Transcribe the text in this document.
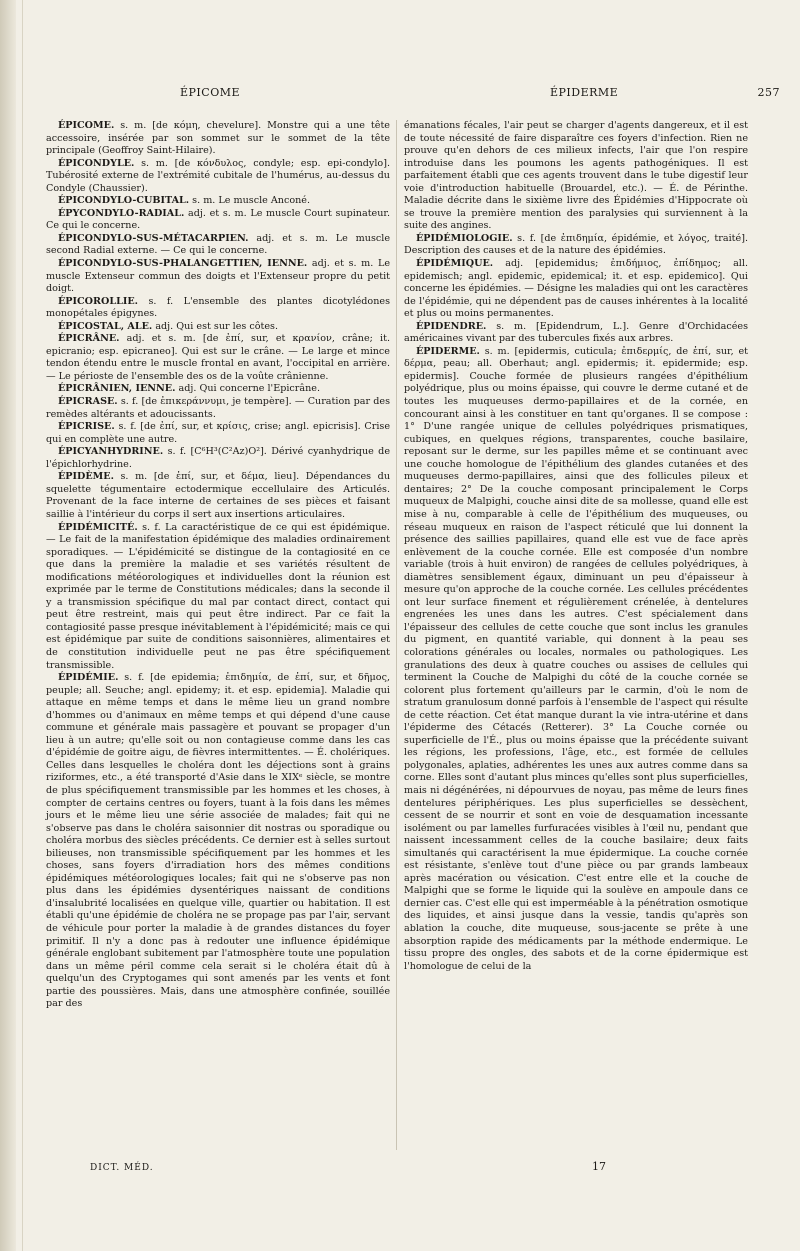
ÉPICOME	ÉPIDERME	257

ÉPICOME. s. m. [de κόμη, chevelure]. Monstre qui a une tête accessoire, insérée par son sommet sur le sommet de la tête principale (Geoffroy Saint-Hilaire).

ÉPICONDYLE. s. m. [de κόνδυλος, condyle; esp. epi-condylo]. Tubérosité externe de l'extrémité cubitale de l'humérus, au-dessus du Condyle (Chaussier).

ÉPICONDYLO-CUBITAL. s. m. Le muscle Anconé.

ÉPYCONDYLO-RADIAL. adj. et s. m. Le muscle Court supinateur. Ce qui le concerne.

ÉPICONDYLO-SUS-MÉTACARPIEN. adj. et s. m. Le muscle second Radial externe. — Ce qui le concerne.

ÉPICONDYLO-SUS-PHALANGETTIEN, IENNE. adj. et s. m. Le muscle Extenseur commun des doigts et l'Extenseur propre du petit doigt.

ÉPICOROLLIE. s. f. L'ensemble des plantes dicotylédones monopétales épigynes.

ÉPICOSTAL, ALE. adj. Qui est sur les côtes.

ÉPICRÂNE. adj. et s. m. [de ἐπί, sur, et κρανίον, crâne; it. epicranio; esp. epicraneo]. Qui est sur le crâne. — Le large et mince tendon étendu entre le muscle frontal en avant, l'occipital en arrière. — Le périoste de l'ensemble des os de la voûte crânienne.

ÉPICRÂNIEN, IENNE. adj. Qui concerne l'Epicrâne.

ÉPICRASE. s. f. [de ἐπικεράννυμι, je tempère]. — Curation par des remèdes altérants et adoucissants.

ÉPICRISE. s. f. [de ἐπί, sur, et κρίσις, crise; angl. epicrisis]. Crise qui en complète une autre.

ÉPICYANHYDRINE. s. f. [C⁶H³(C²Az)O²]. Dérivé cyanhydrique de l'épichlorhydrine.

ÉPIDÈME. s. m. [de ἐπί, sur, et δέμα, lieu]. Dépendances du squelette tégumentaire ectodermique eccellulaire des Articulés. Provenant de la face interne de certaines de ses pièces et faisant saillie à l'intérieur du corps il sert aux insertions articulaires.

ÉPIDÉMICITÉ. s. f. La caractéristique de ce qui est épidémique. — Le fait de la manifestation épidémique des maladies ordinairement sporadiques. — L'épidémicité se distingue de la contagiosité en ce que dans la première la maladie et ses variétés résultent de modifications météorologiques et individuelles dont la réunion est exprimée par le terme de Constitutions médicales; dans la seconde il y a transmission spécifique du mal par contact direct, contact qui peut être restreint, mais qui peut être indirect. Par ce fait la contagiosité passe presque inévitablement à l'épidémicité; mais ce qui est épidémique par suite de conditions saisonnières, alimentaires et de constitution individuelle peut ne pas être spécifiquement transmissible.

ÉPIDÉMIE. s. f. [de epidemia; ἐπιδημία, de ἐπί, sur, et δῆμος, peuple; all. Seuche; angl. epidemy; it. et esp. epidemia]. Maladie qui attaque en même temps et dans le même lieu un grand nombre d'hommes ou d'animaux en même temps et qui dépend d'une cause commune et générale mais passagère et pouvant se propager d'un lieu à un autre; qu'elle soit ou non contagieuse comme dans les cas d'épidémie de goitre aigu, de fièvres intermittentes. — É. cholériques. Celles dans lesquelles le choléra dont les déjections sont à grains riziformes, etc., a été transporté d'Asie dans le XIXᵉ siècle, se montre de plus spécifiquement transmissible par les hommes et les choses, à compter de certains centres ou foyers, tuant à la fois dans les mêmes jours et le même lieu une série associée de malades; fait qui ne s'observe pas dans le choléra saisonnier dit nostras ou sporadique ou choléra morbus des siècles précédents. Ce dernier est à selles surtout bilieuses, non transmissible spécifiquement par les hommes et les choses, sans foyers d'irradiation hors des mêmes conditions épidémiques météorologiques locales; fait qui ne s'observe pas non plus dans les épidémies dysentériques naissant de conditions d'insalubrité localisées en quelque ville, quartier ou habitation. Il est établi qu'une épidémie de choléra ne se propage pas par l'air, servant de véhicule pour porter la maladie à de grandes distances du foyer primitif. Il n'y a donc pas à redouter une influence épidémique générale englobant subitement par l'atmosphère toute une population dans un même péril comme cela serait si le choléra était dû à quelqu'un des Cryptogames qui sont amenés par les vents et font partie des poussières. Mais, dans une atmosphère confinée, souillée par des

émanations fécales, l'air peut se charger d'agents dangereux, et il est de toute nécessité de faire disparaître ces foyers d'infection. Rien ne prouve qu'en dehors de ces milieux infects, l'air que l'on respire introduise dans les poumons les agents pathogéniques. Il est parfaitement établi que ces agents trouvent dans le tube digestif leur voie d'introduction habituelle (Brouardel, etc.). — É. de Périnthe. Maladie décrite dans le sixième livre des Épidémies d'Hippocrate où se trouve la première mention des paralysies qui surviennent à la suite des angines.

ÉPIDÉMIOLOGIE. s. f. [de ἐπιδημία, épidémie, et λόγος, traité]. Description des causes et de la nature des épidémies.

ÉPIDÉMIQUE. adj. [epidemidus; ἐπιδήμιος, ἐπίδημος; all. epidemisch; angl. epidemic, epidemical; it. et esp. epidemico]. Qui concerne les épidémies. — Désigne les maladies qui ont les caractères de l'épidémie, qui ne dépendent pas de causes inhérentes à la localité et plus ou moins permanentes.

ÉPIDENDRE. s. m. [Epidendrum, L.]. Genre d'Orchidacées américaines vivant par des tubercules fixés aux arbres.

ÉPIDERME. s. m. [epidermis, cuticula; ἐπιδερμίς, de ἐπί, sur, et δέρμα, peau; all. Oberhaut; angl. epidermis; it. epidermide; esp. epidermis]. Couche formée de plusieurs rangées d'épithélium polyédrique, plus ou moins épaisse, qui couvre le derme cutané et de toutes les muqueuses dermo-papillaires et de la cornée, en concourant ainsi à les constituer en tant qu'organes. Il se compose : 1° D'une rangée unique de cellules polyédriques prismatiques, cubiques, en quelques régions, transparentes, couche basilaire, reposant sur le derme, sur les papilles même et se continuant avec une couche homologue de l'épithélium des glandes cutanées et des muqueuses dermo-papillaires, ainsi que des follicules pileux et dentaires; 2° De la couche composant principalement le Corps muqueux de Malpighi, couche ainsi dite de sa mollesse, quand elle est mise à nu, comparable à celle de l'épithélium des muqueuses, ou réseau muqueux en raison de l'aspect réticulé que lui donnent la présence des saillies papillaires, quand elle est vue de face après enlèvement de la couche cornée. Elle est composée d'un nombre variable (trois à huit environ) de rangées de cellules polyédriques, à diamètres sensiblement égaux, diminuant un peu d'épaisseur à mesure qu'on approche de la couche cornée. Les cellules précédentes ont leur surface finement et régulièrement crénelée, à dentelures engrenées les unes dans les autres. C'est spécialement dans l'épaisseur des cellules de cette couche que sont inclus les granules du pigment, en quantité variable, qui donnent à la peau ses colorations générales ou locales, normales ou pathologiques. Les granulations des deux à quatre couches ou assises de cellules qui terminent la Couche de Malpighi du côté de la couche cornée se colorent plus fortement qu'ailleurs par le carmin, d'où le nom de stratum granulosum donné parfois à l'ensemble de l'aspect qui résulte de cette réaction. Cet état manque durant la vie intra-utérine et dans l'épiderme des Cétacés (Retterer). 3° La Couche cornée ou superficielle de l'É., plus ou moins épaisse que la précédente suivant les régions, les professions, l'âge, etc., est formée de cellules polygonales, aplaties, adhérentes les unes aux autres comme dans sa corne. Elles sont d'autant plus minces qu'elles sont plus superficielles, mais ni dégénérées, ni dépourvues de noyau, pas même de leurs fines dentelures périphériques. Les plus superficielles se dessèchent, cessent de se nourrir et sont en voie de desquamation incessante isolément ou par lamelles furfuracées visibles à l'œil nu, pendant que naissent incessamment celles de la couche basilaire; deux faits simultanés qui caractérisent la mue épidermique. La couche cornée est résistante, s'enlève tout d'une pièce ou par grands lambeaux après macération ou vésication. C'est entre elle et la couche de Malpighi que se forme le liquide qui la soulève en ampoule dans ce dernier cas. C'est elle qui est imperméable à la pénétration osmotique des liquides, et ainsi jusque dans la vessie, tandis qu'après son ablation la couche, dite muqueuse, sous-jacente se prête à une absorption rapide des médicaments par la méthode endermique. Le tissu propre des ongles, des sabots et de la corne épidermique est l'homologue de celui de la

DICT. MÉD.	17
